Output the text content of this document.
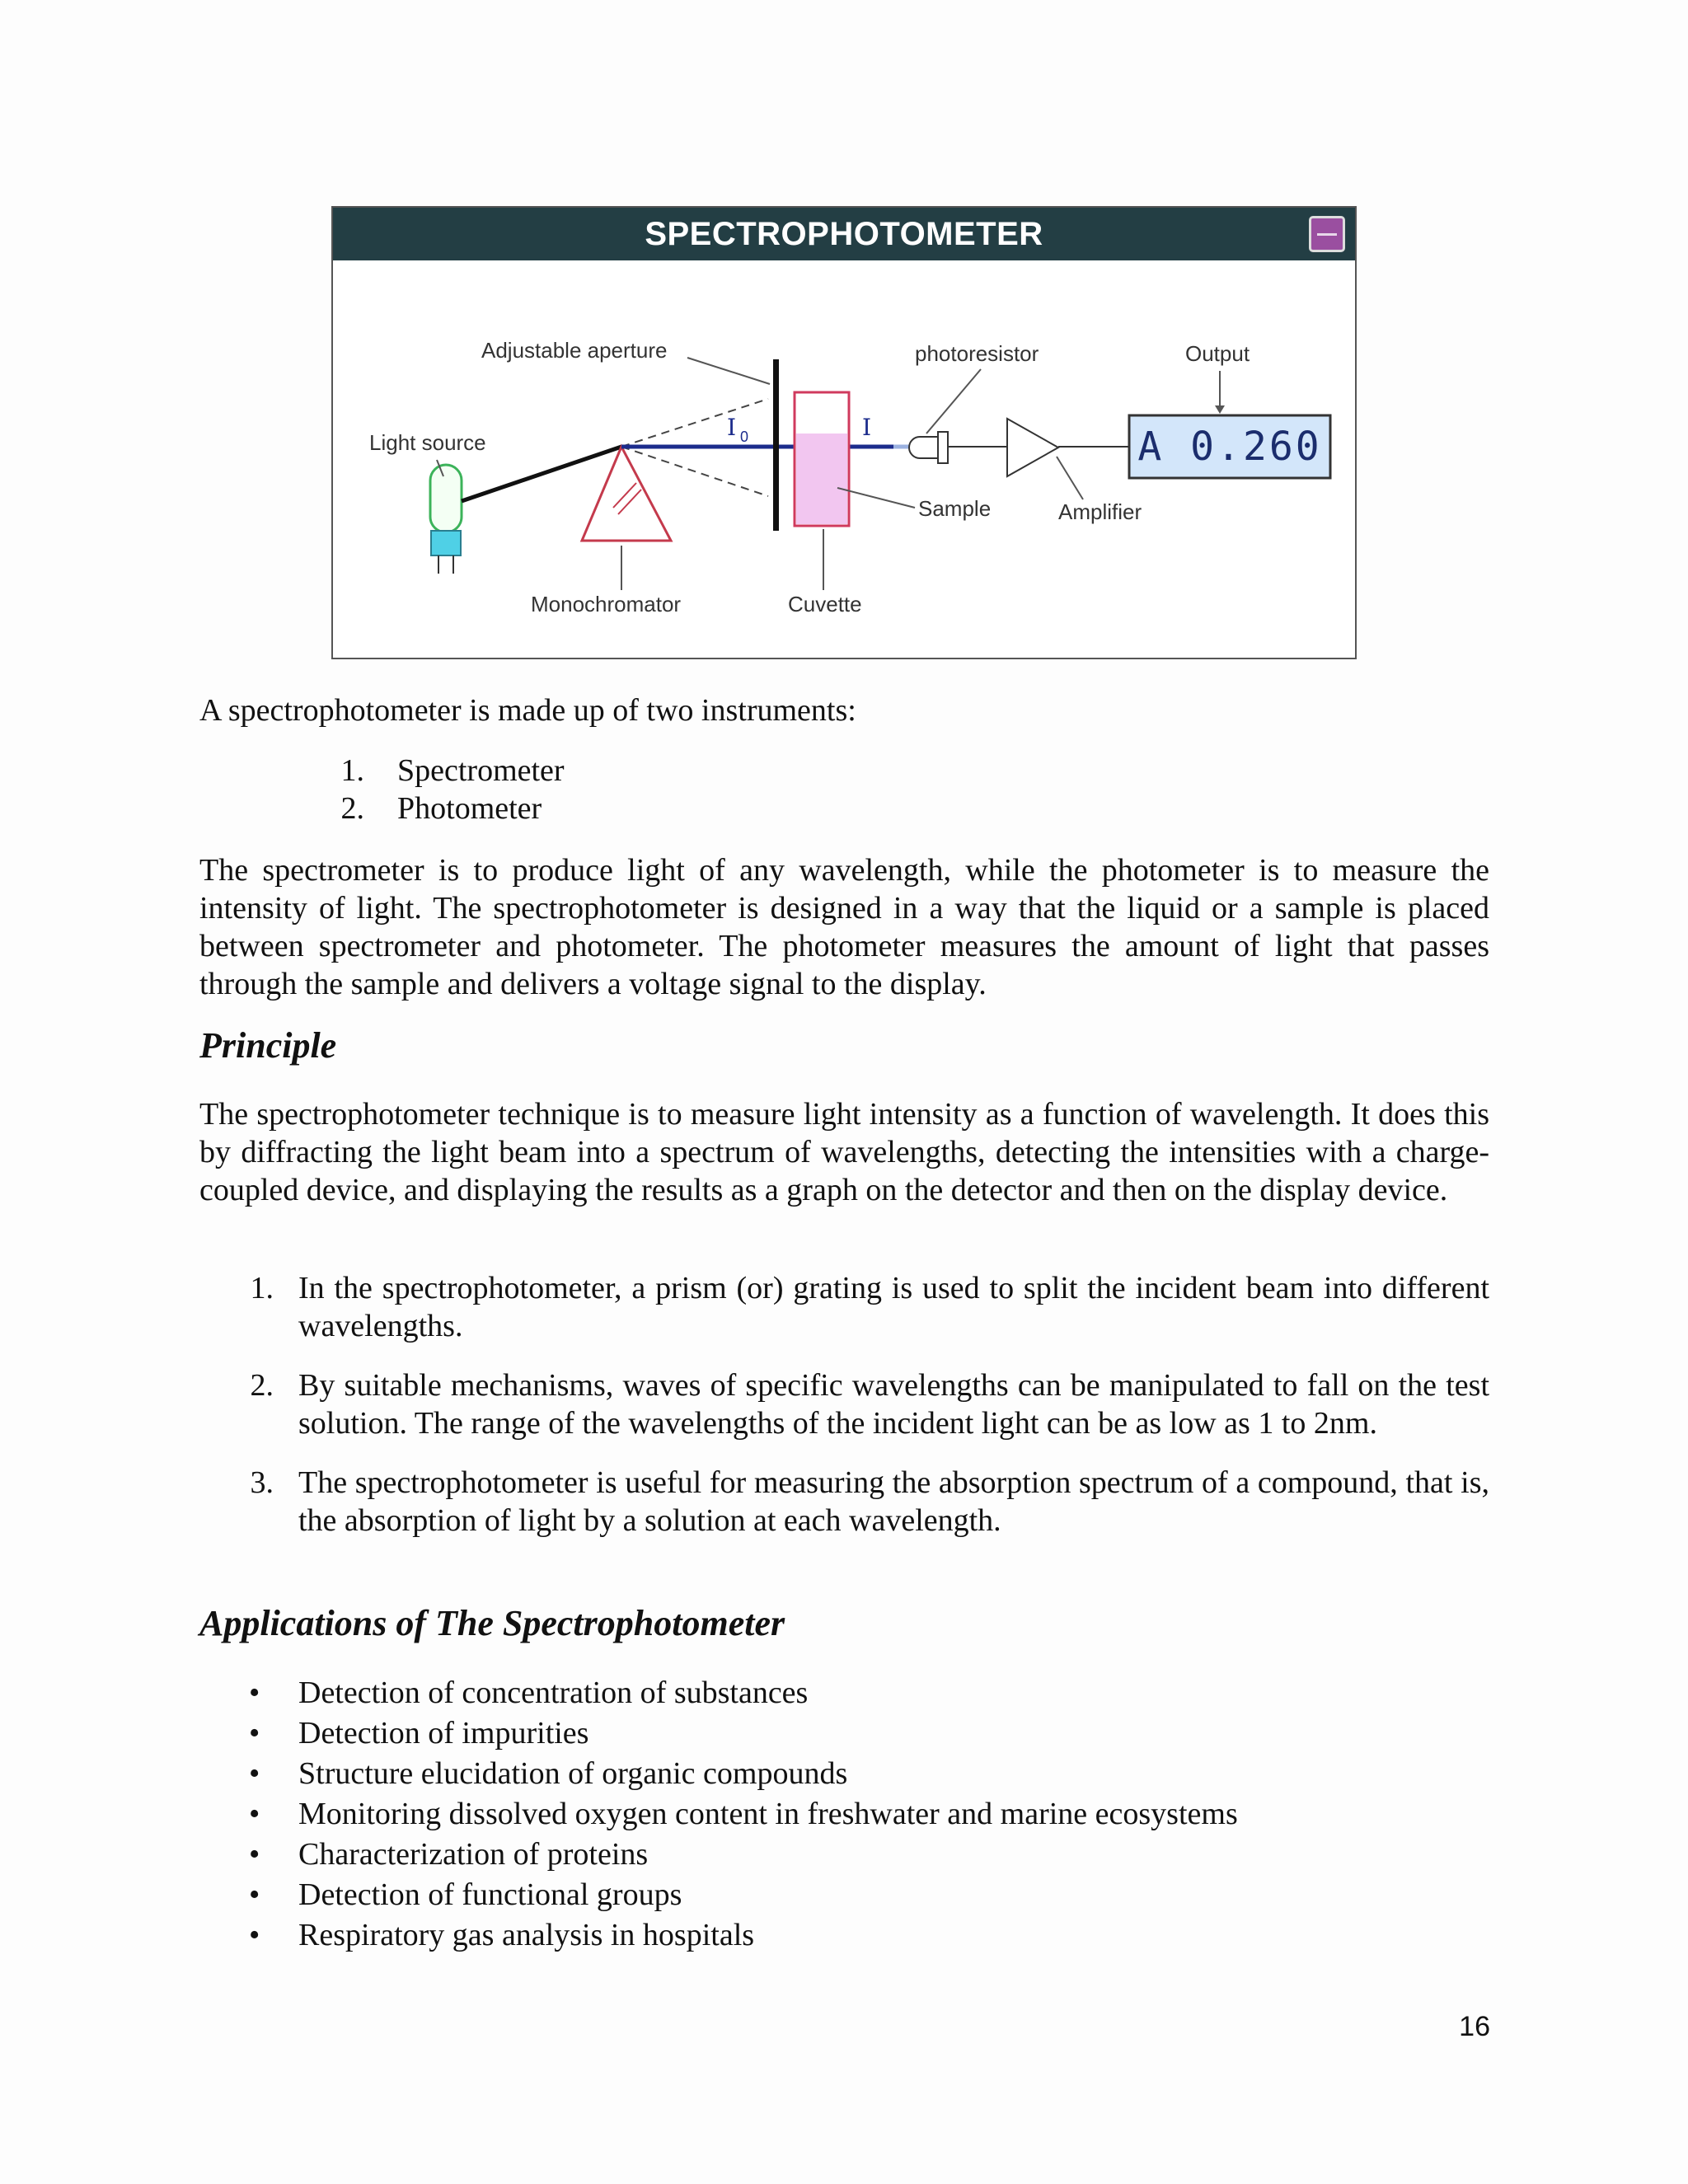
SPECTROPHOTOMETER
Adjustable aperture
Light source
Monochromator	Cuvette
Sample
I 0	I
photoresistor
Amplifier
A 0.260
Output

A spectrophotometer is made up of two instruments:

1. Spectrometer
2. Photometer

The spectrometer is to produce light of any wavelength, while the photometer is to measure the intensity of light. The spectrophotometer is designed in a way that the liquid or a sample is placed between spectrometer and photometer. The photometer measures the amount of light that passes through the sample and delivers a voltage signal to the display.

Principle

The spectrophotometer technique is to measure light intensity as a function of wavelength. It does this by diffracting the light beam into a spectrum of wavelengths, detecting the intensities with a charge-coupled device, and displaying the results as a graph on the detector and then on the display device.

1. In the spectrophotometer, a prism (or) grating is used to split the incident beam into different wavelengths.

2. By suitable mechanisms, waves of specific wavelengths can be manipulated to fall on the test solution. The range of the wavelengths of the incident light can be as low as 1 to 2nm.

3. The spectrophotometer is useful for measuring the absorption spectrum of a compound, that is, the absorption of light by a solution at each wavelength.

Applications of The Spectrophotometer
• Detection of concentration of substances
• Detection of impurities
• Structure elucidation of organic compounds
• Monitoring dissolved oxygen content in freshwater and marine ecosystems
• Characterization of proteins
• Detection of functional groups
• Respiratory gas analysis in hospitals
16
